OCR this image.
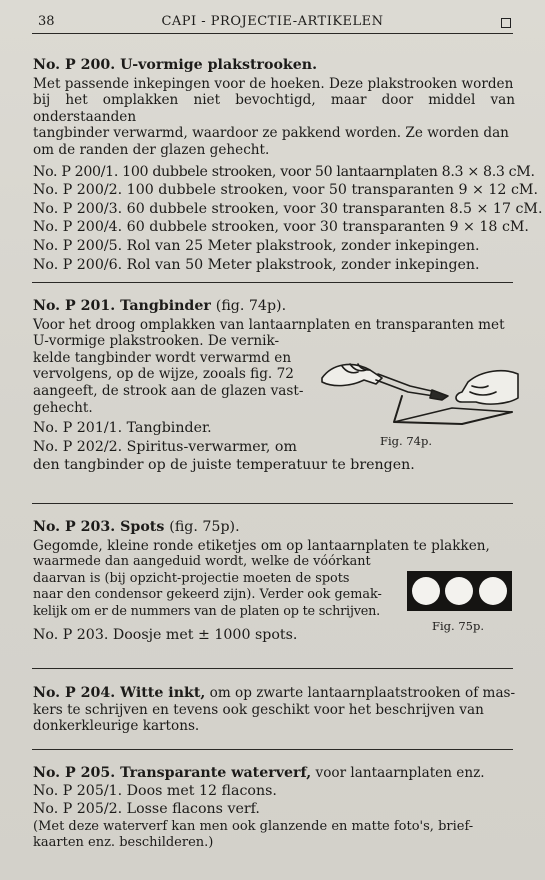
38	CAPI - PROJECTIE-ARTIKELEN
No. P 200. U-vormige plakstrooken.

Met passende inkepingen voor de hoeken. Deze plakstrooken worden

bij het omplakken niet bevochtigd, maar door middel van onderstaanden

tangbinder verwarmd, waardoor ze pakkend worden. Ze worden dan

om de randen der glazen gehecht.

No. P 200/1. 100 dubbele strooken, voor 50 lantaarnplaten 8.3 × 8.3 cM.

No. P 200/2. 100 dubbele strooken, voor 50 transparanten 9 × 12 cM.

No. P 200/3. 60 dubbele strooken, voor 30 transparanten 8.5 × 17 cM.

No. P 200/4. 60 dubbele strooken, voor 30 transparanten 9 × 18 cM.

No. P 200/5. Rol van 25 Meter plakstrook, zonder inkepingen.

No. P 200/6. Rol van 50 Meter plakstrook, zonder inkepingen.

No. P 201. Tangbinder (fig. 74p).

Voor het droog omplakken van lantaarnplaten en transparanten met

U-vormige plakstrooken. De vernik-

kelde tangbinder wordt verwarmd en

vervolgens, op de wijze, zooals fig. 72

aangeeft, de strook aan de glazen vast-

gehecht.

No. P 201/1. Tangbinder.

No. P 202/2. Spiritus-verwarmer, om

den tangbinder op de juiste temperatuur te brengen.

Fig. 74p.
No. P 203. Spots (fig. 75p).

Gegomde, kleine ronde etiketjes om op lantaarnplaten te plakken,

waarmede dan aangeduid wordt, welke de vóórkant

daarvan is (bij opzicht-projectie moeten de spots

naar den condensor gekeerd zijn). Verder ook gemak-

kelijk om er de nummers van de platen op te schrijven.

No. P 203. Doosje met ± 1000 spots.

Fig. 75p.

No. P 204. Witte inkt, om op zwarte lantaarnplaatstrooken of mas-

kers te schrijven en tevens ook geschikt voor het beschrijven van

donkerkleurige kartons.

No. P 205. Transparante waterverf, voor lantaarnplaten enz.

No. P 205/1. Doos met 12 flacons.

No. P 205/2. Losse flacons verf.

(Met deze waterverf kan men ook glanzende en matte foto's, brief-

kaarten enz. beschilderen.)
